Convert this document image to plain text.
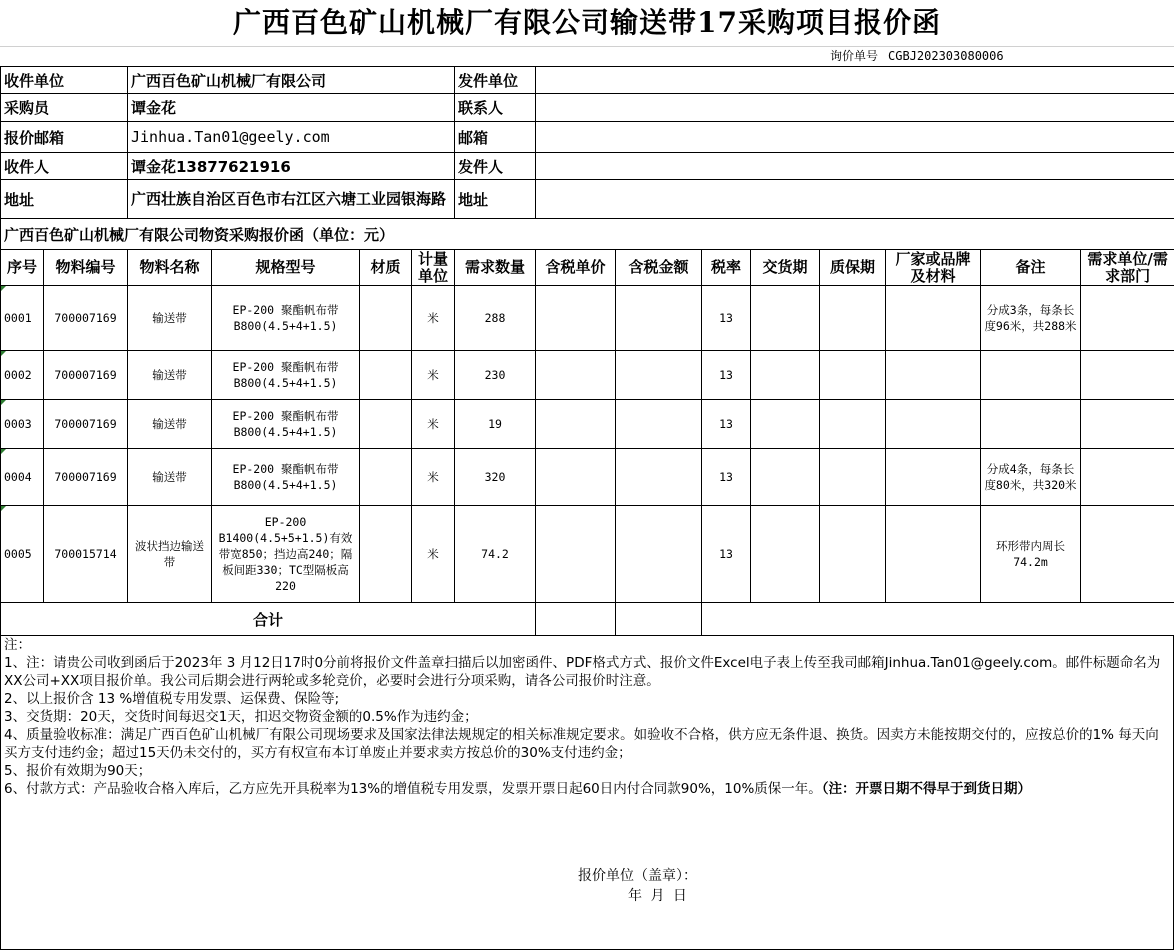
广西百色矿山机械厂有限公司输送带17采购项目报价函
询价单号 CGBJ202303080006
收件单位	广西百色矿山机械厂有限公司	发件单位	
采购员	谭金花	联系人	
报价邮箱	Jinhua.Tan01@geely.com	邮箱	
收件人	谭金花13877621916	发件人	
地址	广西壮族自治区百色市右江区六塘工业园银海路	地址	
广西百色矿山机械厂有限公司物资采购报价函（单位：元）														
序号	物料编号	物料名称	规格型号	材质	计量单位	需求数量	含税单价	含税金额	税率	交货期	质保期	厂家或品牌及材料	备注	需求单位/需求部门
0001	700007169	输送带	EP-200 聚酯帆布带B800(4.5+4+1.5)		米	288			13				分成3条，每条长度96米，共288米	
0002	700007169	输送带	EP-200 聚酯帆布带B800(4.5+4+1.5)		米	230			13					
0003	700007169	输送带	EP-200 聚酯帆布带B800(4.5+4+1.5)		米	19			13					
0004	700007169	输送带	EP-200 聚酯帆布带B800(4.5+4+1.5)		米	320			13				分成4条，每条长度80米，共320米	
0005	700015714	波状挡边输送带	EP-200 B1400(4.5+5+1.5)有效带宽850；挡边高240；隔板间距330；TC型隔板高220		米	74.2			13				环形带内周长74.2m	
合计														

注：

1、注：请贵公司收到函后于2023年 3 月12日17时0分前将报价文件盖章扫描后以加密函件、PDF格式方式、报价文件Excel电子表上传至我司邮箱Jinhua.Tan01@geely.com。邮件标题命名为XX公司+XX项目报价单。我公司后期会进行两轮或多轮竞价，必要时会进行分项采购，请各公司报价时注意。

2、以上报价含 13 %增值税专用发票、运保费、保险等;

3、交货期：20天，交货时间每迟交1天，扣迟交物资金额的0.5%作为违约金；

4、质量验收标准：满足广西百色矿山机械厂有限公司现场要求及国家法律法规规定的相关标准规定要求。如验收不合格，供方应无条件退、换货。因卖方未能按期交付的，应按总价的1% 每天向买方支付违约金；超过15天仍未交付的，买方有权宣布本订单废止并要求卖方按总价的30%支付违约金；

5、报价有效期为90天；

6、付款方式：产品验收合格入库后，乙方应先开具税率为13%的增值税专用发票，发票开票日起60日内付合同款90%，10%质保一年。（注：开票日期不得早于到货日期）

报价单位（盖章）：
年 月 日
